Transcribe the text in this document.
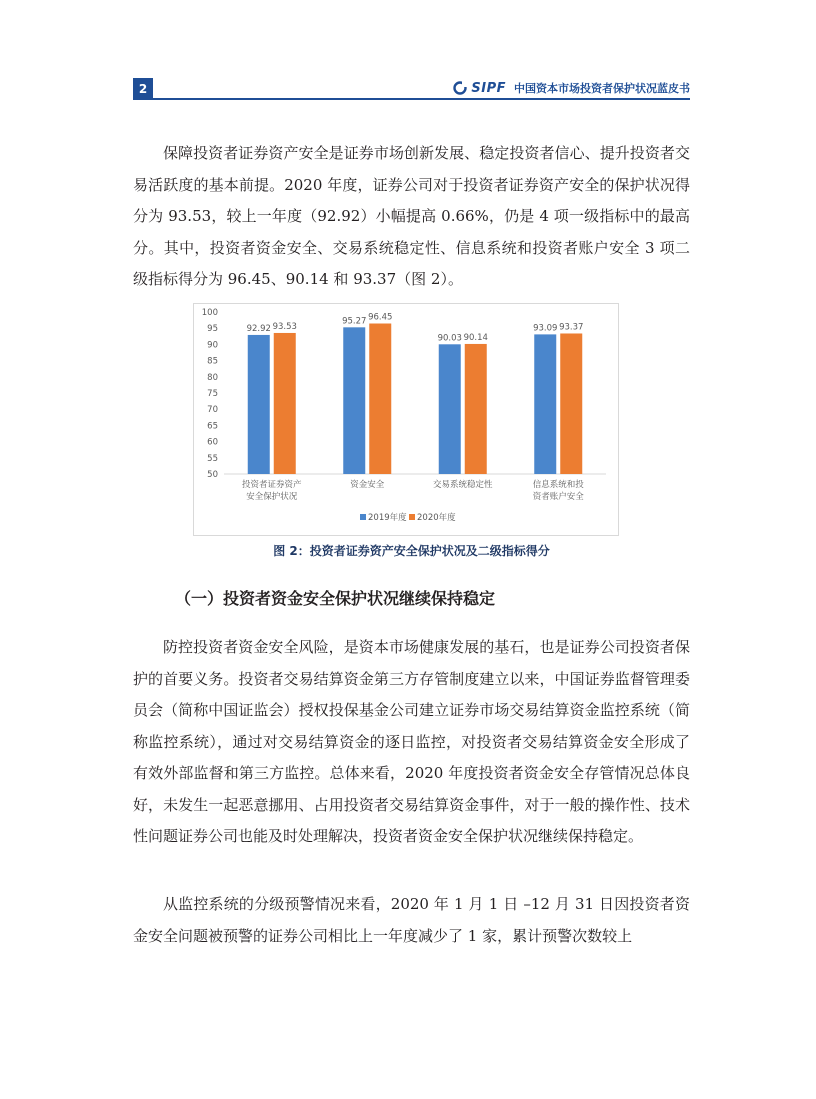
2	SIPF 中国资本市场投资者保护状况蓝皮书

保障投资者证券资产安全是证券市场创新发展、稳定投资者信心、提升投资者交易活跃度的基本前提。2020 年度，证券公司对于投资者证券资产安全的保护状况得分为 93.53，较上一年度（92.92）小幅提高 0.66%，仍是 4 项一级指标中的最高分。其中，投资者资金安全、交易系统稳定性、信息系统和投资者账户安全 3 项二级指标得分为 96.45、90.14 和 93.37（图 2）。

50
55
60
65
70
75
80
85
90
95
100
92.92 93.53
投资者证券资产
安全保护状况
95.27 96.45
资金安全
90.03 90.14
交易系统稳定性
93.09 93.37
信息系统和投
资者账户安全
2019年度 2020年度
图 2：投资者证券资产安全保护状况及二级指标得分
（一）投资者资金安全保护状况继续保持稳定

防控投资者资金安全风险，是资本市场健康发展的基石，也是证券公司投资者保护的首要义务。投资者交易结算资金第三方存管制度建立以来，中国证券监督管理委员会（简称中国证监会）授权投保基金公司建立证券市场交易结算资金监控系统（简称监控系统），通过对交易结算资金的逐日监控，对投资者交易结算资金安全形成了有效外部监督和第三方监控。总体来看，2020 年度投资者资金安全存管情况总体良好，未发生一起恶意挪用、占用投资者交易结算资金事件，对于一般的操作性、技术性问题证券公司也能及时处理解决，投资者资金安全保护状况继续保持稳定。

从监控系统的分级预警情况来看，2020 年 1 月 1 日 –12 月 31 日因投资者资金安全问题被预警的证券公司相比上一年度减少了 1 家，累计预警次数较上
